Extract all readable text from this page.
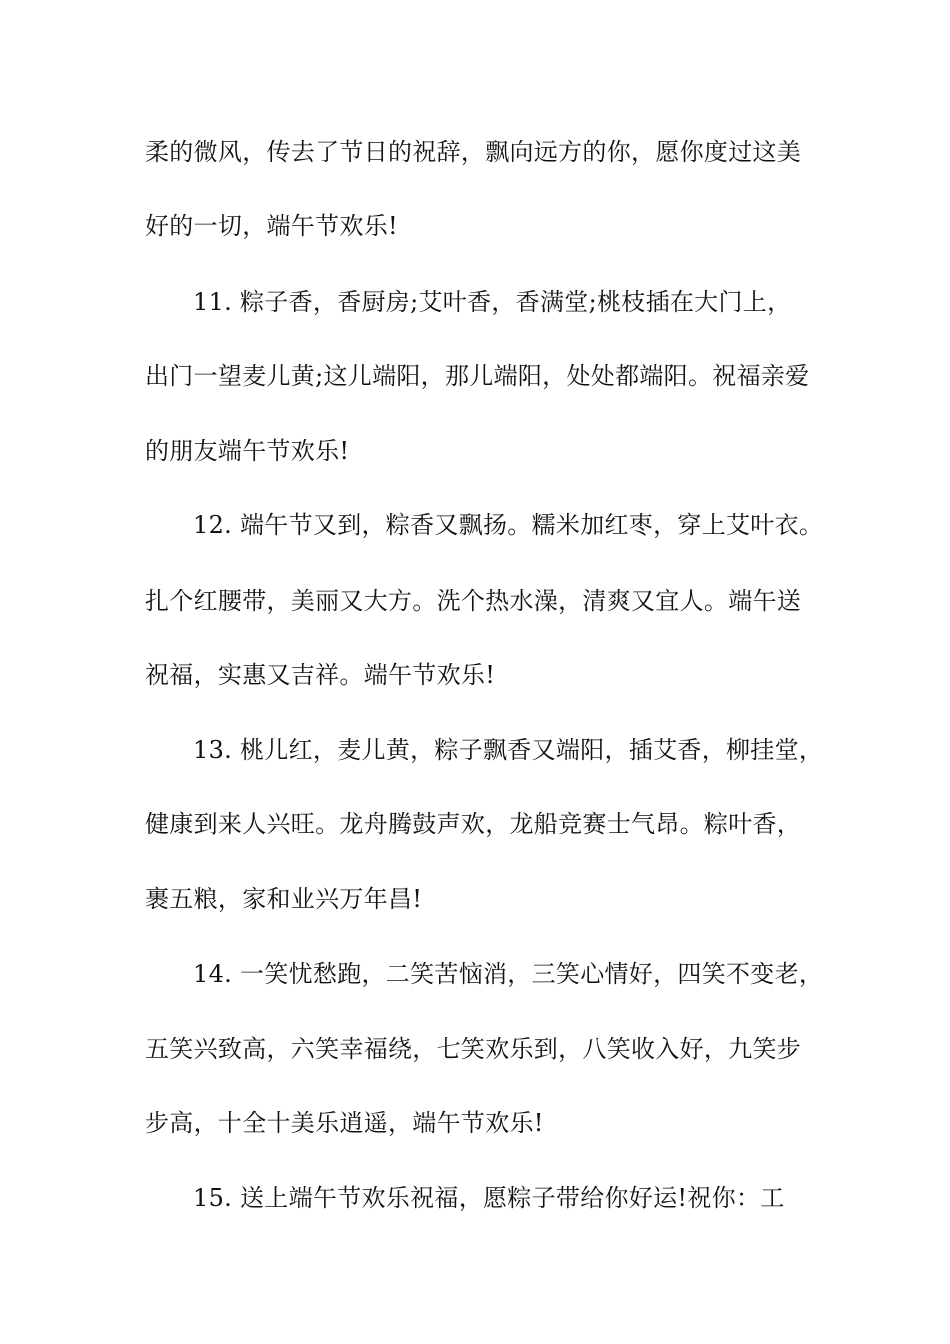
柔的微风，传去了节日的祝辞，飘向远方的你，愿你度过这美
好的一切，端午节欢乐!
11. 粽子香，香厨房;艾叶香，香满堂;桃枝插在大门上，
出门一望麦儿黄;这儿端阳，那儿端阳，处处都端阳。祝福亲爱
的朋友端午节欢乐!
12. 端午节又到，粽香又飘扬。糯米加红枣，穿上艾叶衣。
扎个红腰带，美丽又大方。洗个热水澡，清爽又宜人。端午送
祝福，实惠又吉祥。端午节欢乐!
13. 桃儿红，麦儿黄，粽子飘香又端阳，插艾香，柳挂堂，
健康到来人兴旺。龙舟腾鼓声欢，龙船竞赛士气昂。粽叶香，
裹五粮，家和业兴万年昌!
14. 一笑忧愁跑，二笑苦恼消，三笑心情好，四笑不变老，
五笑兴致高，六笑幸福绕，七笑欢乐到，八笑收入好，九笑步
步高，十全十美乐逍遥，端午节欢乐!
15. 送上端午节欢乐祝福，愿粽子带给你好运!祝你：工
